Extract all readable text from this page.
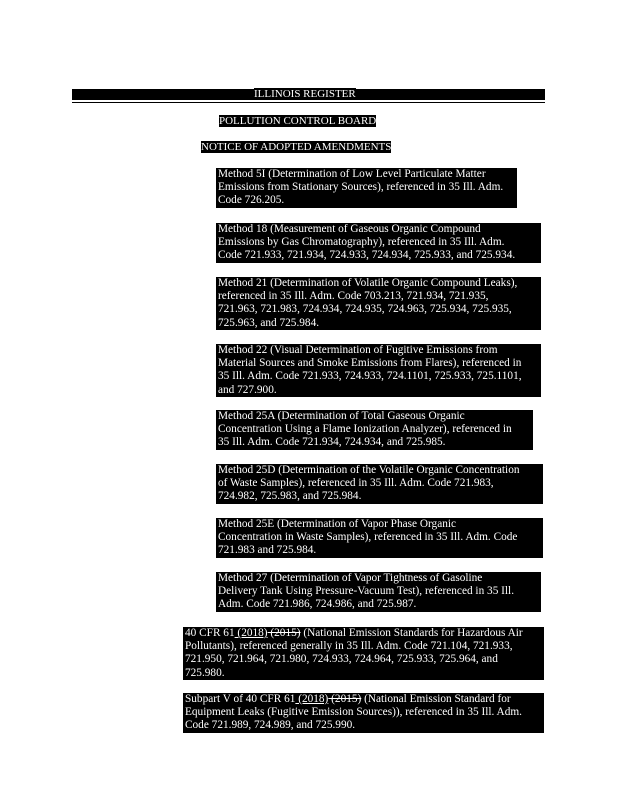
ILLINOIS REGISTER
POLLUTION CONTROL BOARD
NOTICE OF ADOPTED AMENDMENTS
Method 5I (Determination of Low Level Particulate Matter
Emissions from Stationary Sources), referenced in 35 Ill. Adm.
Code 726.205.
Method 18 (Measurement of Gaseous Organic Compound
Emissions by Gas Chromatography), referenced in 35 Ill. Adm.
Code 721.933, 721.934, 724.933, 724.934, 725.933, and 725.934.
Method 21 (Determination of Volatile Organic Compound Leaks),
referenced in 35 Ill. Adm. Code 703.213, 721.934, 721.935,
721.963, 721.983, 724.934, 724.935, 724.963, 725.934, 725.935,
725.963, and 725.984.
Method 22 (Visual Determination of Fugitive Emissions from
Material Sources and Smoke Emissions from Flares), referenced in
35 Ill. Adm. Code 721.933, 724.933, 724.1101, 725.933, 725.1101,
and 727.900.
Method 25A (Determination of Total Gaseous Organic
Concentration Using a Flame Ionization Analyzer), referenced in
35 Ill. Adm. Code 721.934, 724.934, and 725.985.
Method 25D (Determination of the Volatile Organic Concentration
of Waste Samples), referenced in 35 Ill. Adm. Code 721.983,
724.982, 725.983, and 725.984.
Method 25E (Determination of Vapor Phase Organic
Concentration in Waste Samples), referenced in 35 Ill. Adm. Code
721.983 and 725.984.
Method 27 (Determination of Vapor Tightness of Gasoline
Delivery Tank Using Pressure-Vacuum Test), referenced in 35 Ill.
Adm. Code 721.986, 724.986, and 725.987.
40 CFR 61 (2018) (2015) (National Emission Standards for Hazardous Air
Pollutants), referenced generally in 35 Ill. Adm. Code 721.104, 721.933,
721.950, 721.964, 721.980, 724.933, 724.964, 725.933, 725.964, and
725.980.
Subpart V of 40 CFR 61 (2018) (2015) (National Emission Standard for
Equipment Leaks (Fugitive Emission Sources)), referenced in 35 Ill. Adm.
Code 721.989, 724.989, and 725.990.
